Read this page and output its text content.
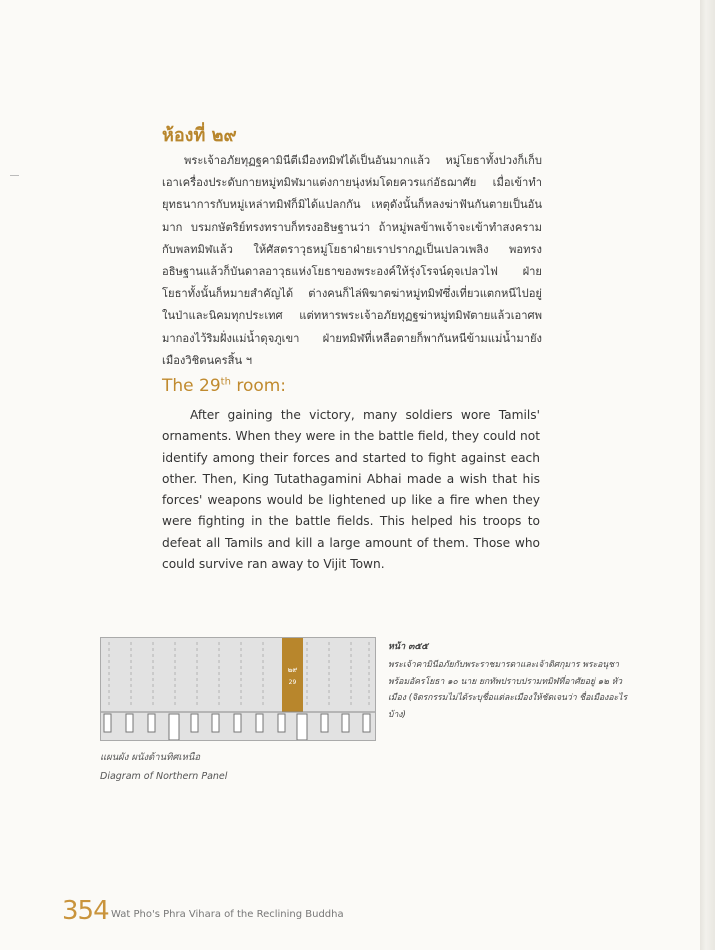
ห้องที่ ๒๙

พระเจ้าอภัยทุฏฐคามินีตีเมืองทมิฬได้เป็นอันมากแล้ว หมู่โยธาทั้งปวงก็เก็บเอาเครื่องประดับกายหมู่ทมิฬมาแต่งกายนุ่งห่มโดยควรแก่อัธฌาศัย เมื่อเข้าทำยุทธนาการกับหมู่เหล่าทมิฬก็มิได้แปลกกัน เหตุดังนั้นก็หลงฆ่าฟันกันตายเป็นอันมาก บรมกษัตริย์ทรงทราบก็ทรงอธิษฐานว่า ถ้าหมู่พลข้าพเจ้าจะเข้าทำสงครามกับพลทมิฬแล้ว ให้ศัสตราวุธหมู่โยธาฝ่ายเราปรากฏเป็นเปลวเพลิง พอทรงอธิษฐานแล้วก็บันดาลอาวุธแห่งโยธาของพระองค์ให้รุ่งโรจน์ดุจเปลวไฟ ฝ่ายโยธาทั้งนั้นก็หมายสำคัญได้ ต่างคนก็ไล่พิฆาตฆ่าหมู่ทมิฬซึ่งเที่ยวแตกหนีไปอยู่ในป่าและนิคมทุกประเทศ แต่ทหารพระเจ้าอภัยทุฏฐฆ่าหมู่ทมิฬตายแล้วเอาศพมากองไว้ริมฝั่งแม่น้ำดุจภูเขา ฝ่ายทมิฬที่เหลือตายก็พากันหนีข้ามแม่น้ำมายังเมืองวิชิตนครสิ้น ฯ

The 29th room:

After gaining the victory, many soldiers wore Tamils' ornaments. When they were in the battle field, they could not identify among their forces and started to fight against each other. Then, King Tutathagamini Abhai made a wish that his forces' weapons would be lightened up like a fire when they were fighting in the battle fields. This helped his troops to defeat all Tamils and kill a large amount of them. Those who could survive ran away to Vijit Town.

๒๙
29

หน้า ๓๕๕

พระเจ้าคามินีอภัยกับพระราชมารดาและเจ้าติศกุมาร พระอนุชา พร้อมอัครโยธา ๑๐ นาย ยกทัพปราบปรามทมิฬที่อาศัยอยู่ ๑๒ หัวเมือง (จิตรกรรมไม่ได้ระบุชื่อแต่ละเมืองให้ชัดเจนว่า ชื่อเมืองอะไรบ้าง)

แผนผัง ผนังด้านทิศเหนือ

Diagram of Northern Panel

354 Wat Pho's Phra Vihara of the Reclining Buddha
